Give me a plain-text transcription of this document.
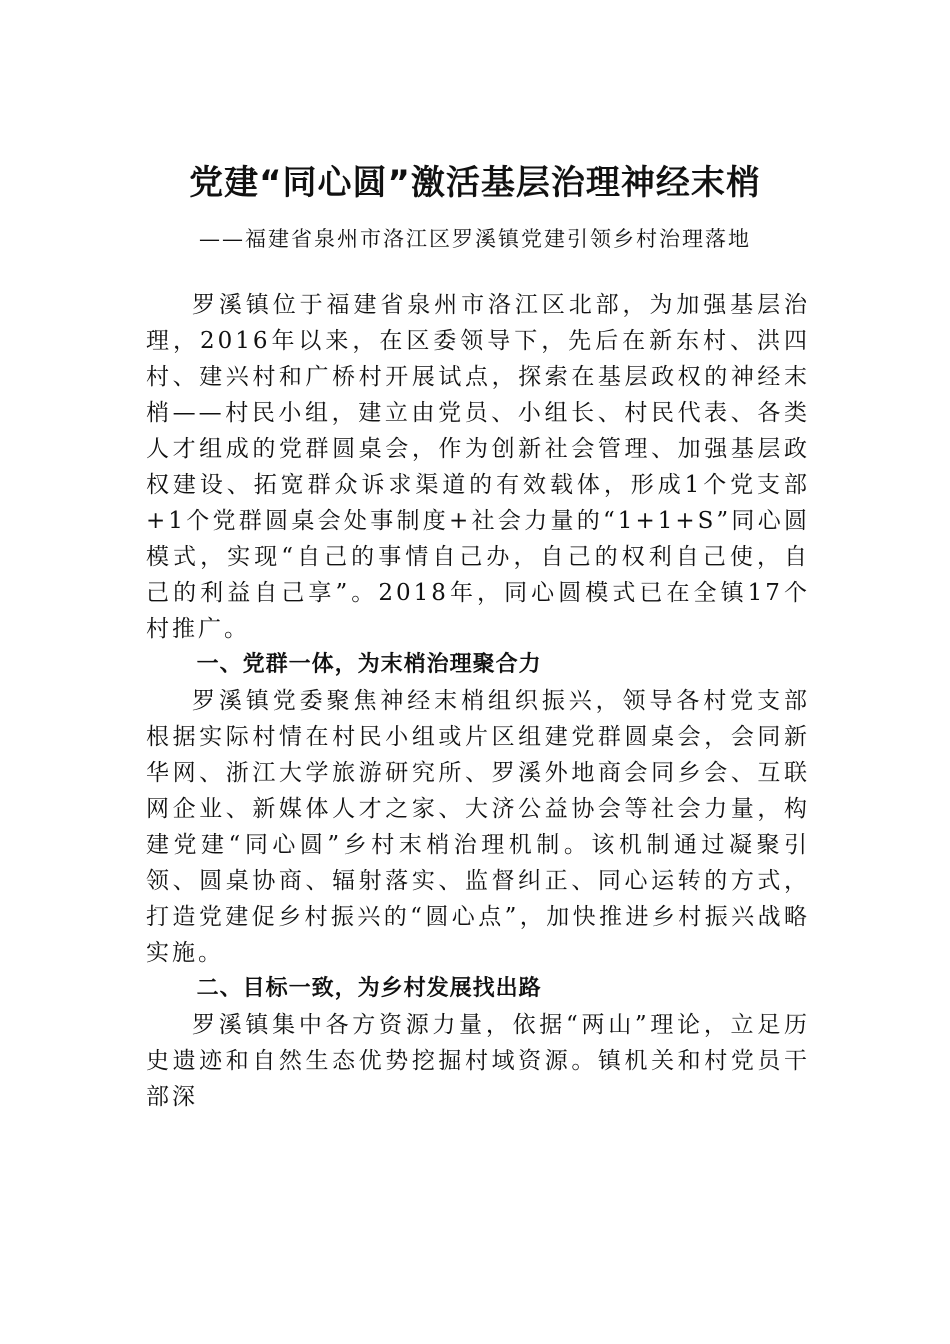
党建“同心圆”激活基层治理神经末梢
——福建省泉州市洛江区罗溪镇党建引领乡村治理落地

罗溪镇位于福建省泉州市洛江区北部，为加强基层治理，2016年以来，在区委领导下，先后在新东村、洪四村、建兴村和广桥村开展试点，探索在基层政权的神经末梢——村民小组，建立由党员、小组长、村民代表、各类人才组成的党群圆桌会，作为创新社会管理、加强基层政权建设、拓宽群众诉求渠道的有效载体，形成1个党支部+1个党群圆桌会处事制度+社会力量的“1+1+S”同心圆模式，实现“自己的事情自己办，自己的权利自己使，自己的利益自己享”。2018年，同心圆模式已在全镇17个村推广。

一、党群一体，为末梢治理聚合力

罗溪镇党委聚焦神经末梢组织振兴，领导各村党支部根据实际村情在村民小组或片区组建党群圆桌会，会同新华网、浙江大学旅游研究所、罗溪外地商会同乡会、互联网企业、新媒体人才之家、大济公益协会等社会力量，构建党建“同心圆”乡村末梢治理机制。该机制通过凝聚引领、圆桌协商、辐射落实、监督纠正、同心运转的方式，打造党建促乡村振兴的“圆心点”，加快推进乡村振兴战略实施。

二、目标一致，为乡村发展找出路

罗溪镇集中各方资源力量，依据“两山”理论，立足历史遗迹和自然生态优势挖掘村域资源。镇机关和村党员干部深
